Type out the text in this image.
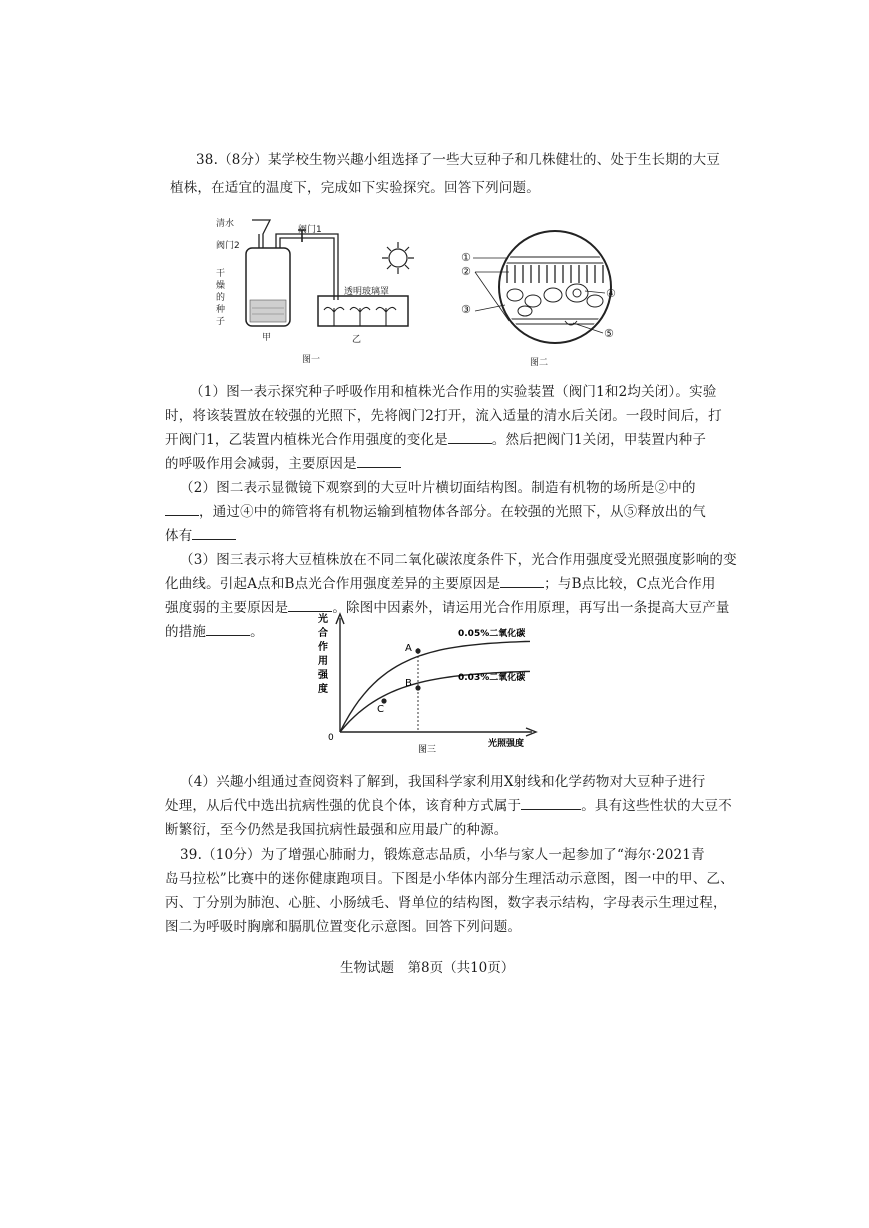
38.（8分）某学校生物兴趣小组选择了一些大豆种子和几株健壮的、处于生长期的大豆
植株，在适宜的温度下，完成如下实验探究。回答下列问题。
清水
阀门2
阀门1
干
燥
的
种
子
甲
透明玻璃罩
乙
图一
①
②
③
④
⑤
图二
（1）图一表示探究种子呼吸作用和植株光合作用的实验装置（阀门1和2均关闭）。实验
时，将该装置放在较强的光照下，先将阀门2打开，流入适量的清水后关闭。一段时间后，打
开阀门1，乙装置内植株光合作用强度的变化是	。然后把阀门1关闭，甲装置内种子
的呼吸作用会减弱，主要原因是
（2）图二表示显微镜下观察到的大豆叶片横切面结构图。制造有机物的场所是②中的
，通过④中的筛管将有机物运输到植物体各部分。在较强的光照下，从⑤释放出的气
体有
（3）图三表示将大豆植株放在不同二氧化碳浓度条件下，光合作用强度受光照强度影响的变
化曲线。引起A点和B点光合作用强度差异的主要原因是	；与B点比较，C点光合作用
强度弱的主要原因是	。除图中因素外，请运用光合作用原理，再写出一条提高大豆产量
的措施	。
A
B
C
0.05%二氧化碳
0.03%二氧化碳
0
光照强度
图三
光
合
作
用
强
度
（4）兴趣小组通过查阅资料了解到，我国科学家利用X射线和化学药物对大豆种子进行
处理，从后代中选出抗病性强的优良个体，该育种方式属于	。具有这些性状的大豆不
断繁衍，至今仍然是我国抗病性最强和应用最广的种源。
39.（10分）为了增强心肺耐力，锻炼意志品质，小华与家人一起参加了“海尔·2021青
岛马拉松”比赛中的迷你健康跑项目。下图是小华体内部分生理活动示意图，图一中的甲、乙、
丙、丁分别为肺泡、心脏、小肠绒毛、肾单位的结构图，数字表示结构，字母表示生理过程，
图二为呼吸时胸廓和膈肌位置变化示意图。回答下列问题。
生物试题　第8页（共10页）
